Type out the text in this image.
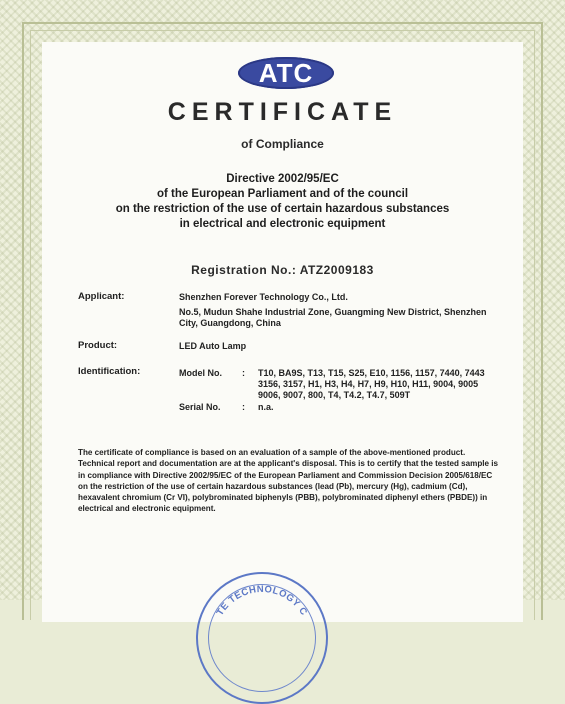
ATC
CERTIFICATE
of Compliance
Directive 2002/95/EC
of the European Parliament and of the council
on the restriction of the use of certain hazardous substances
in electrical and electronic equipment
Registration No.: ATZ2009183
Applicant:	Shenzhen Forever Technology Co., Ltd.
No.5, Mudun Shahe Industrial Zone, Guangming New District, Shenzhen
City, Guangdong, China
Product:	LED Auto Lamp
Identification:	Model No. : T10, BA9S, T13, T15, S25, E10, 1156, 1157, 7440, 7443
3156, 3157, H1, H3, H4, H7, H9, H10, H11, 9004, 9005
9006, 9007, 800, T4, T4.2, T4.7, 509T
Serial No. : n.a.
The certificate of compliance is based on an evaluation of a sample of the above-mentioned product. Technical report and documentation are at the applicant's disposal. This is to certify that the tested sample is in compliance with Directive 2002/95/EC of the European Parliament and Commission Decision 2005/618/EC on the restriction of the use of certain hazardous substances (lead (Pb), mercury (Hg), cadmium (Cd), hexavalent chromium (Cr VI), polybrominated biphenyls (PBB), polybrominated diphenyl ethers (PBDE)) in electrical and electronic equipment.
TE TECHNOLOGY C
